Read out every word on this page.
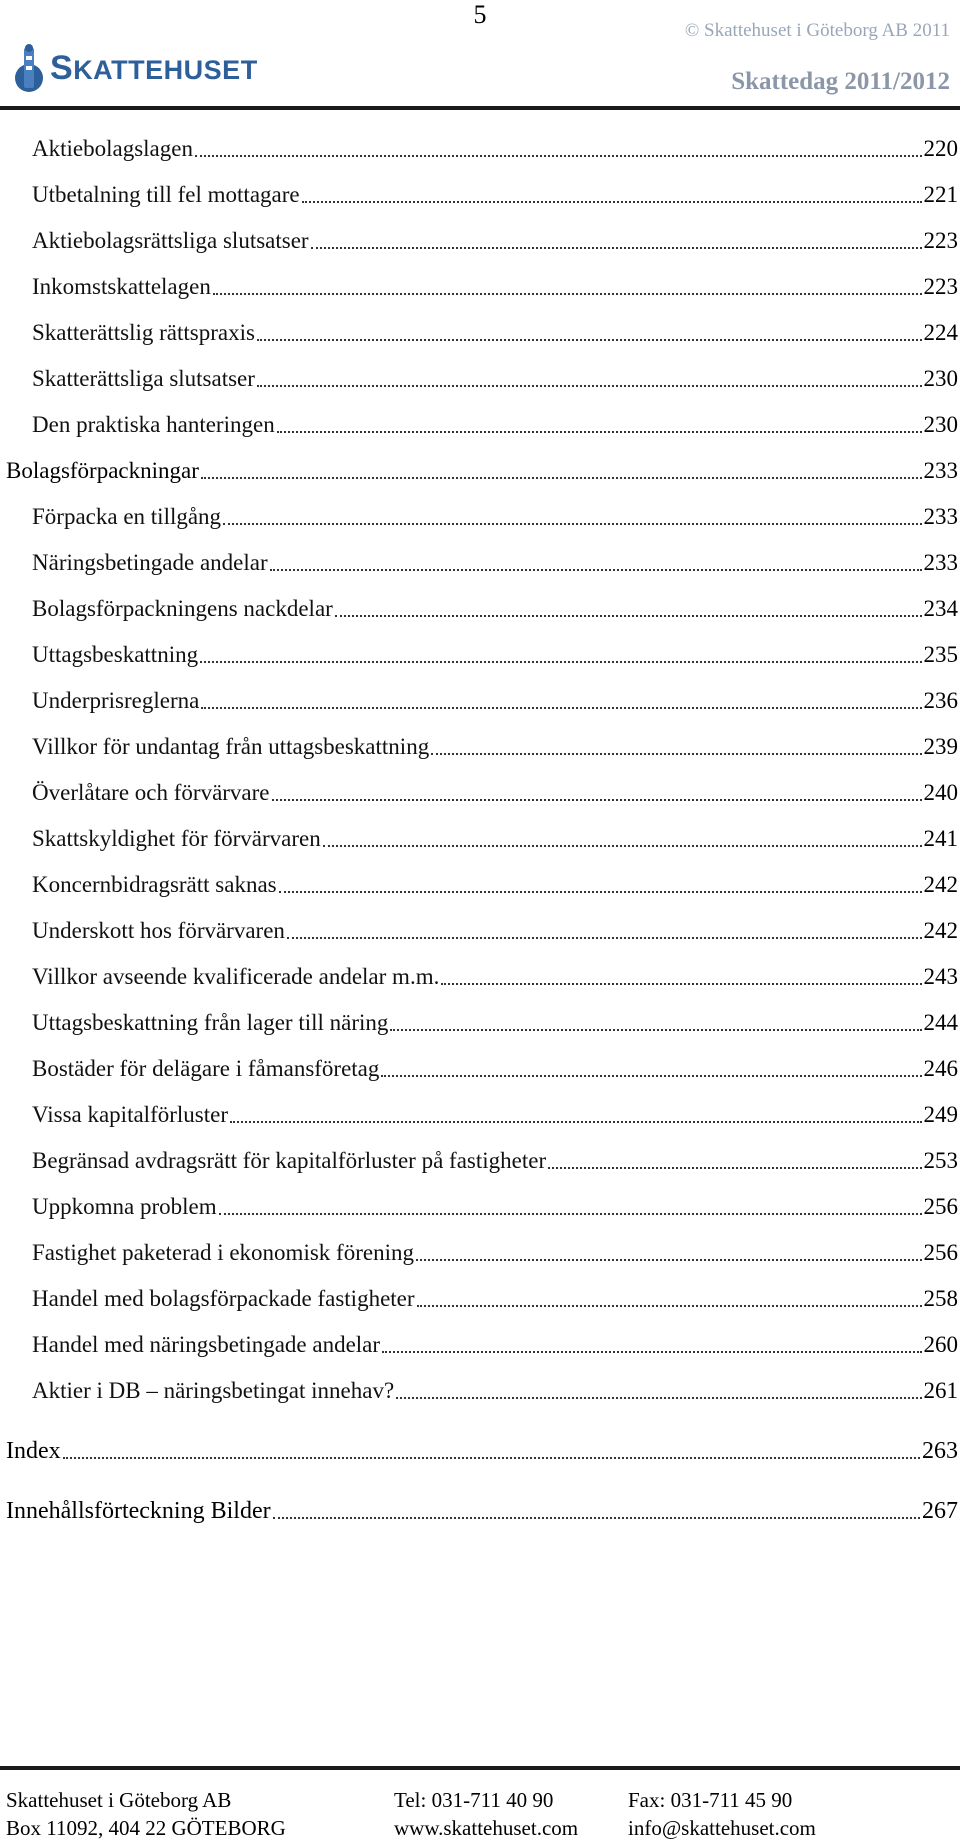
5
© Skattehuset i Göteborg AB 2011
SKATTEHUSET	Skattedag 2011/2012
Aktiebolagslagen	220
Utbetalning till fel mottagare	221
Aktiebolagsrättsliga slutsatser	223
Inkomstskattelagen	223
Skatterättslig rättspraxis	224
Skatterättsliga slutsatser	230
Den praktiska hanteringen	230
Bolagsförpackningar	233
Förpacka en tillgång	233
Näringsbetingade andelar	233
Bolagsförpackningens nackdelar	234
Uttagsbeskattning	235
Underprisreglerna	236
Villkor för undantag från uttagsbeskattning	239
Överlåtare och förvärvare	240
Skattskyldighet för förvärvaren	241
Koncernbidragsrätt saknas	242
Underskott hos förvärvaren	242
Villkor avseende kvalificerade andelar m.m.	243
Uttagsbeskattning från lager till näring	244
Bostäder för delägare i fåmansföretag	246
Vissa kapitalförluster	249
Begränsad avdragsrätt för kapitalförluster på fastigheter	253
Uppkomna problem	256
Fastighet paketerad i ekonomisk förening	256
Handel med bolagsförpackade fastigheter	258
Handel med näringsbetingade andelar	260
Aktier i DB – näringsbetingat innehav?	261
Index	263
Innehållsförteckning Bilder	267
Skattehuset i Göteborg AB
Box 11092, 404 22 GÖTEBORG
Tel: 031-711 40 90
www.skattehuset.com
Fax: 031-711 45 90
info@skattehuset.com
